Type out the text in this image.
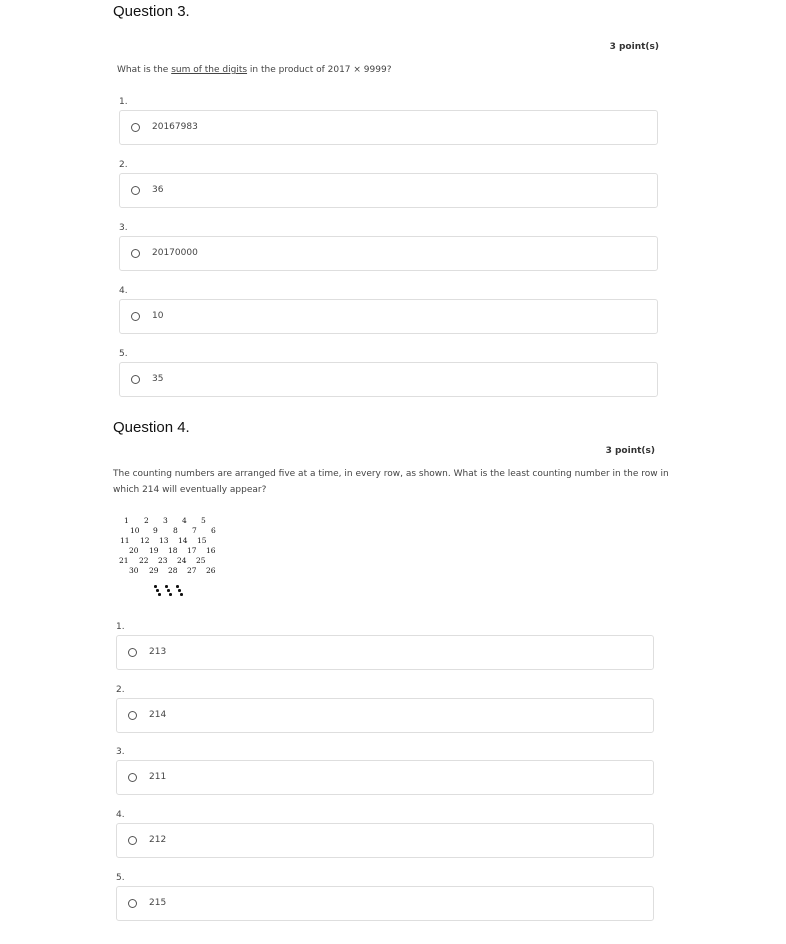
Question 3.
3 point(s)
What is the sum of the digits in the product of 2017 × 9999?
1.
20167983
2.
36
3.
20170000
4.
10
5.
35
Question 4.
3 point(s)
The counting numbers are arranged five at a time, in every row, as shown. What is the least counting number in the row in
which 214 will eventually appear?
1 2 3 4 5
10 9 8 7 6
11 12 13 14 15
20 19 18 17 16
21 22 23 24 25
30 29 28 27 26
1.
213
2.
214
3.
211
4.
212
5.
215
